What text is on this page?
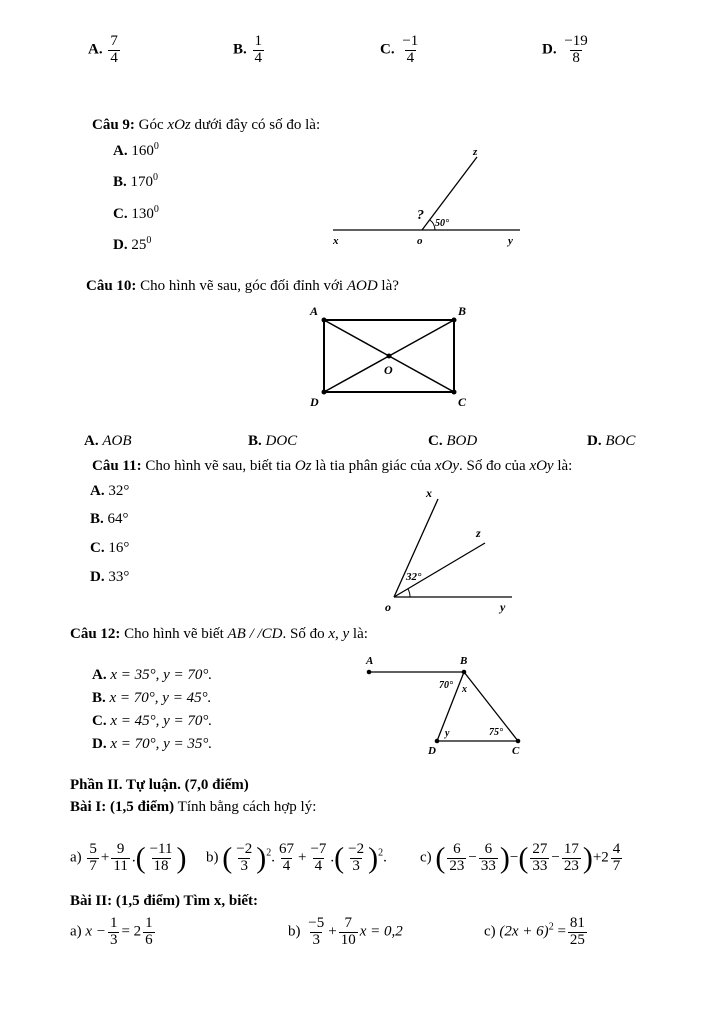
A. $\frac{7}{4}$	B. $\frac{1}{4}$	C. $\frac{-1}{4}$	D. $\frac{-19}{8}$
Câu 9: Góc xOz dưới đây có số đo là:
A. $160^0$
B. $170^0$
C. $130^0$
D. $25^0$
z
?
50°
x	o	y
Câu 10: Cho hình vẽ sau, góc đối đỉnh với AOD là?
A	B
C
D
O
A. AOB	B. DOC	C. BOD	D. BOC
Câu 11: Cho hình vẽ sau, biết tia Oz là tia phân giác của xOy. Số đo của xOy là:
A. 32°
B. 64°
C. 16°
D. 33°
x
z
32°
o	y
Câu 12: Cho hình vẽ biết AB / /CD. Số đo x, y là:
A. x = 35°, y = 70°.
B. x = 70°, y = 45°.
C. x = 45°, y = 70°.
D. x = 70°, y = 35°.
A	B
C
D
70° x
y	75°
Phần II. Tự luận. (7,0 điểm)
Bài I: (1,5 điểm) Tính bằng cách hợp lý:
$a) \frac{5}{7} + \frac{9}{11}$ .( $\frac{-11}{18}$ ) b) ( $\frac{-2}{3} )^2$. $\frac{67}{4} + \frac{-7}{4}$ .( $\frac{-2}{3} )^2$. c) ( $\frac{6}{23} - \frac{6}{33}$ )−( $\frac{27}{33} - \frac{17}{23} )+2 \frac{4}{7}$
Bài II: (1,5 điểm) Tìm x, biết:
a) $x - \frac{1}{3} = 2 \frac{1}{6}$	$b) \frac{-5}{3} + \frac{7}{10}$ x = 0,2	c) $(2x + 6)^2 = \frac{81}{25}$
